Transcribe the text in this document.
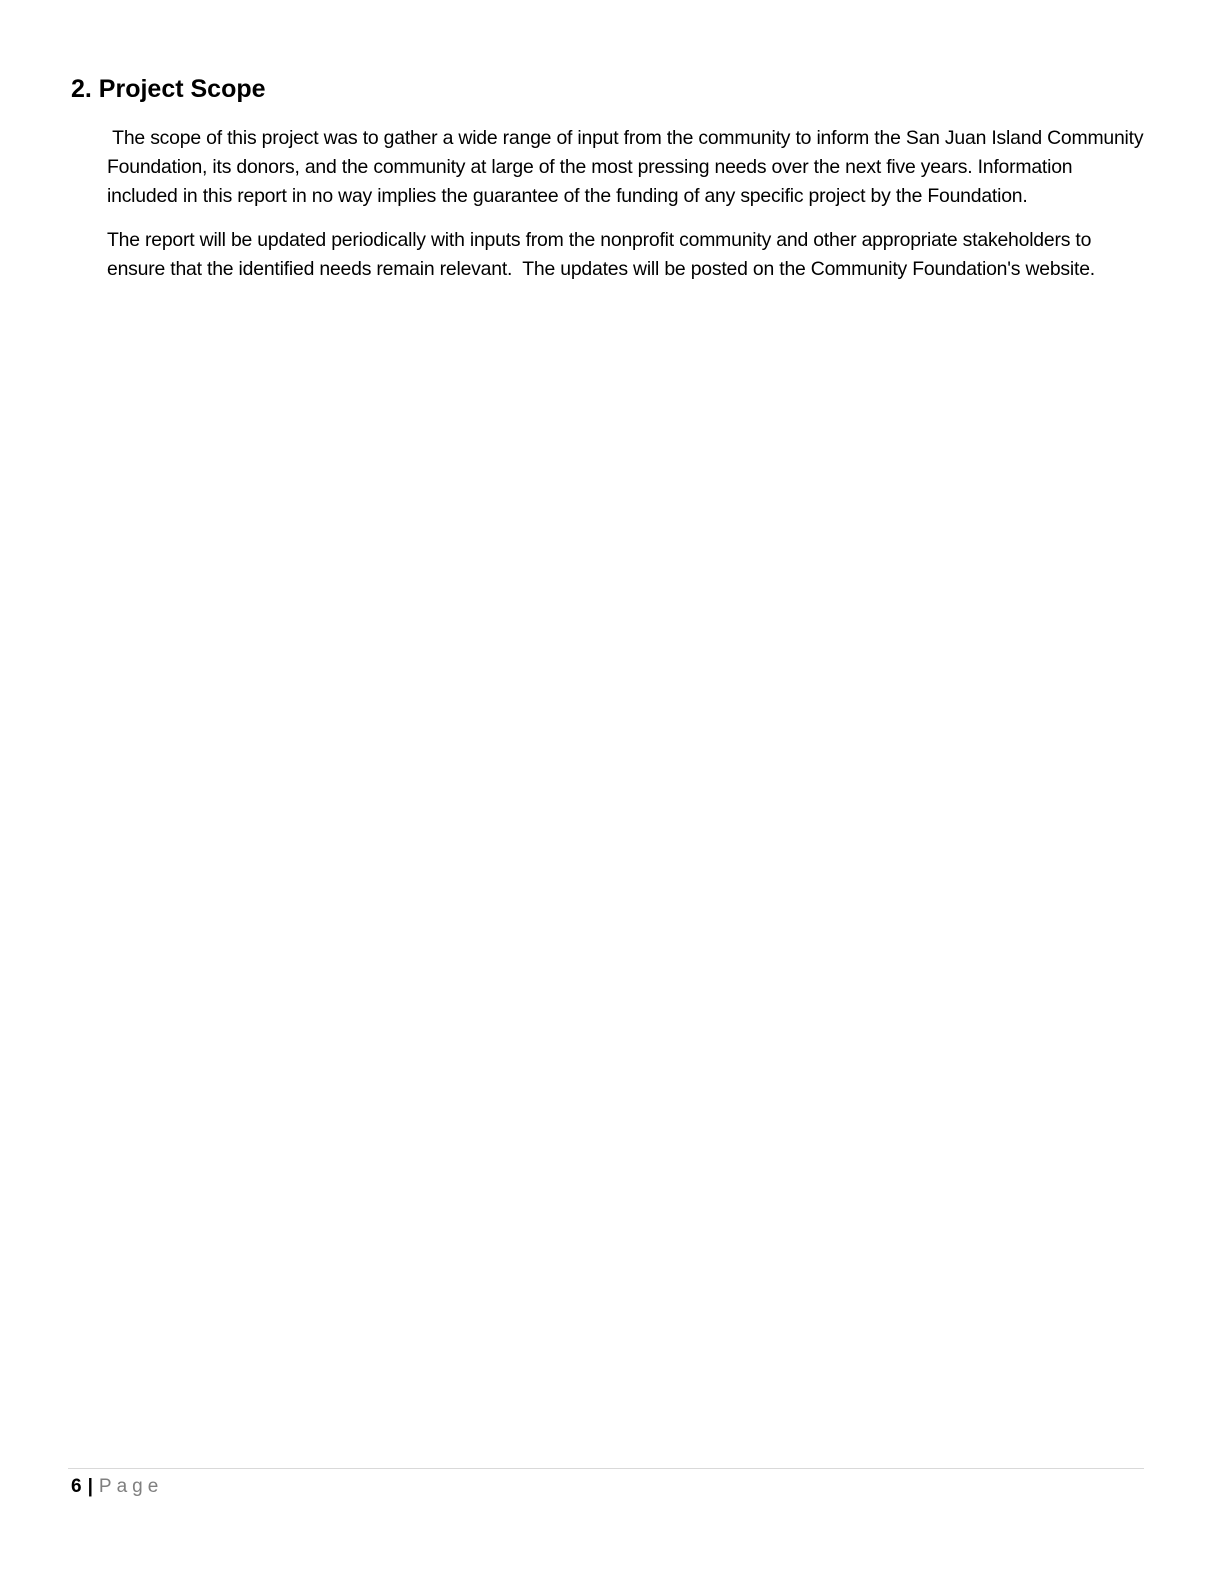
2. Project Scope

The scope of this project was to gather a wide range of input from the community to inform the San Juan Island Community Foundation, its donors, and the community at large of the most pressing needs over the next five years. Information included in this report in no way implies the guarantee of the funding of any specific project by the Foundation.

The report will be updated periodically with inputs from the nonprofit community and other appropriate stakeholders to ensure that the identified needs remain relevant.  The updates will be posted on the Community Foundation's website.

6 | Page
